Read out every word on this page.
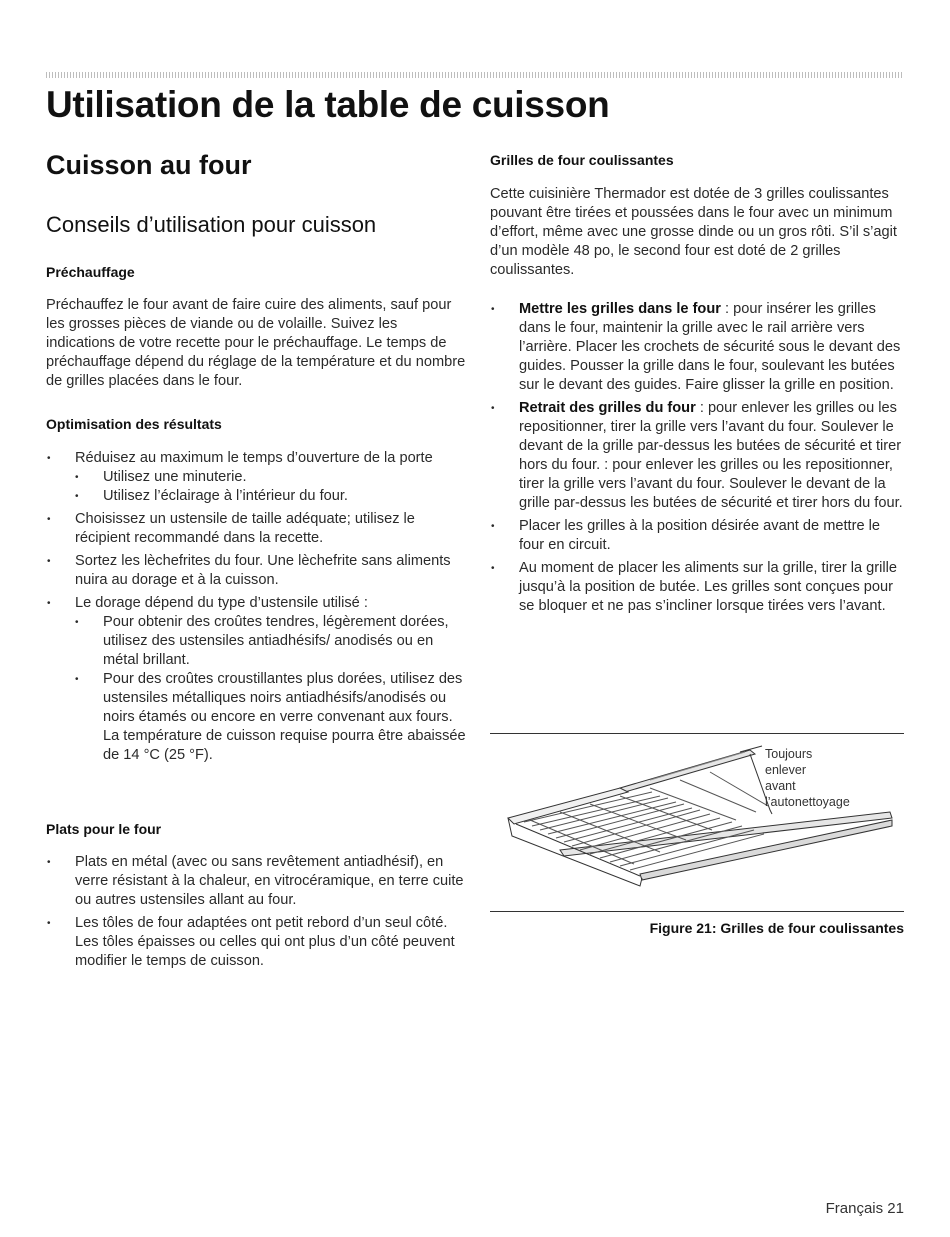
Utilisation de la table de cuisson
Cuisson au four
Conseils d’utilisation pour cuisson
Préchauffage

Préchauffez le four avant de faire cuire des aliments, sauf pour les grosses pièces de viande ou de volaille. Suivez les indications de votre recette pour le préchauffage. Le temps de préchauffage dépend du réglage de la température et du nombre de grilles placées dans le four.

Optimisation des résultats
• Réduisez au maximum le temps d’ouverture de la porte
• Utilisez une minuterie.
• Utilisez l’éclairage à l’intérieur du four.
• Choisissez un ustensile de taille adéquate; utilisez le récipient recommandé dans la recette.
• Sortez les lèchefrites du four. Une lèchefrite sans aliments nuira au dorage et à la cuisson.
• Le dorage dépend du type d’ustensile utilisé :
• Pour obtenir des croûtes tendres, légèrement dorées, utilisez des ustensiles antiadhésifs/ anodisés ou en métal brillant.
• Pour des croûtes croustillantes plus dorées, utilisez des ustensiles métalliques noirs antiadhésifs/anodisés ou noirs étamés ou encore en verre convenant aux fours. La température de cuisson requise pourra être abaissée de 14 °C (25 °F).
Plats pour le four
• Plats en métal (avec ou sans revêtement antiadhésif), en verre résistant à la chaleur, en vitrocéramique, en terre cuite ou autres ustensiles allant au four.
• Les tôles de four adaptées ont petit rebord d’un seul côté. Les tôles épaisses ou celles qui ont plus d’un côté peuvent modifier le temps de cuisson.
Grilles de four coulissantes

Cette cuisinière Thermador est dotée de 3 grilles coulissantes pouvant être tirées et poussées dans le four avec un minimum d’effort, même avec une grosse dinde ou un gros rôti. S’il s’agit d’un modèle 48 po, le second four est doté de 2 grilles coulissantes.

• Mettre les grilles dans le four : pour insérer les grilles dans le four, maintenir la grille avec le rail arrière vers l’arrière. Placer les crochets de sécurité sous le devant des guides. Pousser la grille dans le four, soulevant les butées sur le devant des guides. Faire glisser la grille en position.
• Retrait des grilles du four : pour enlever les grilles ou les repositionner, tirer la grille vers l’avant du four. Soulever le devant de la grille par-dessus les butées de sécurité et tirer hors du four. : pour enlever les grilles ou les repositionner, tirer la grille vers l’avant du four. Soulever le devant de la grille par-dessus les butées de sécurité et tirer hors du four.
• Placer les grilles à la position désirée avant de mettre le four en circuit.
• Au moment de placer les aliments sur la grille, tirer la grille jusqu’à la position de butée. Les grilles sont conçues pour se bloquer et ne pas s’incliner lorsque tirées vers l’avant.
Toujours
enlever
avant
l’autonettoyage

Figure 21: Grilles de four coulissantes

Français 21
